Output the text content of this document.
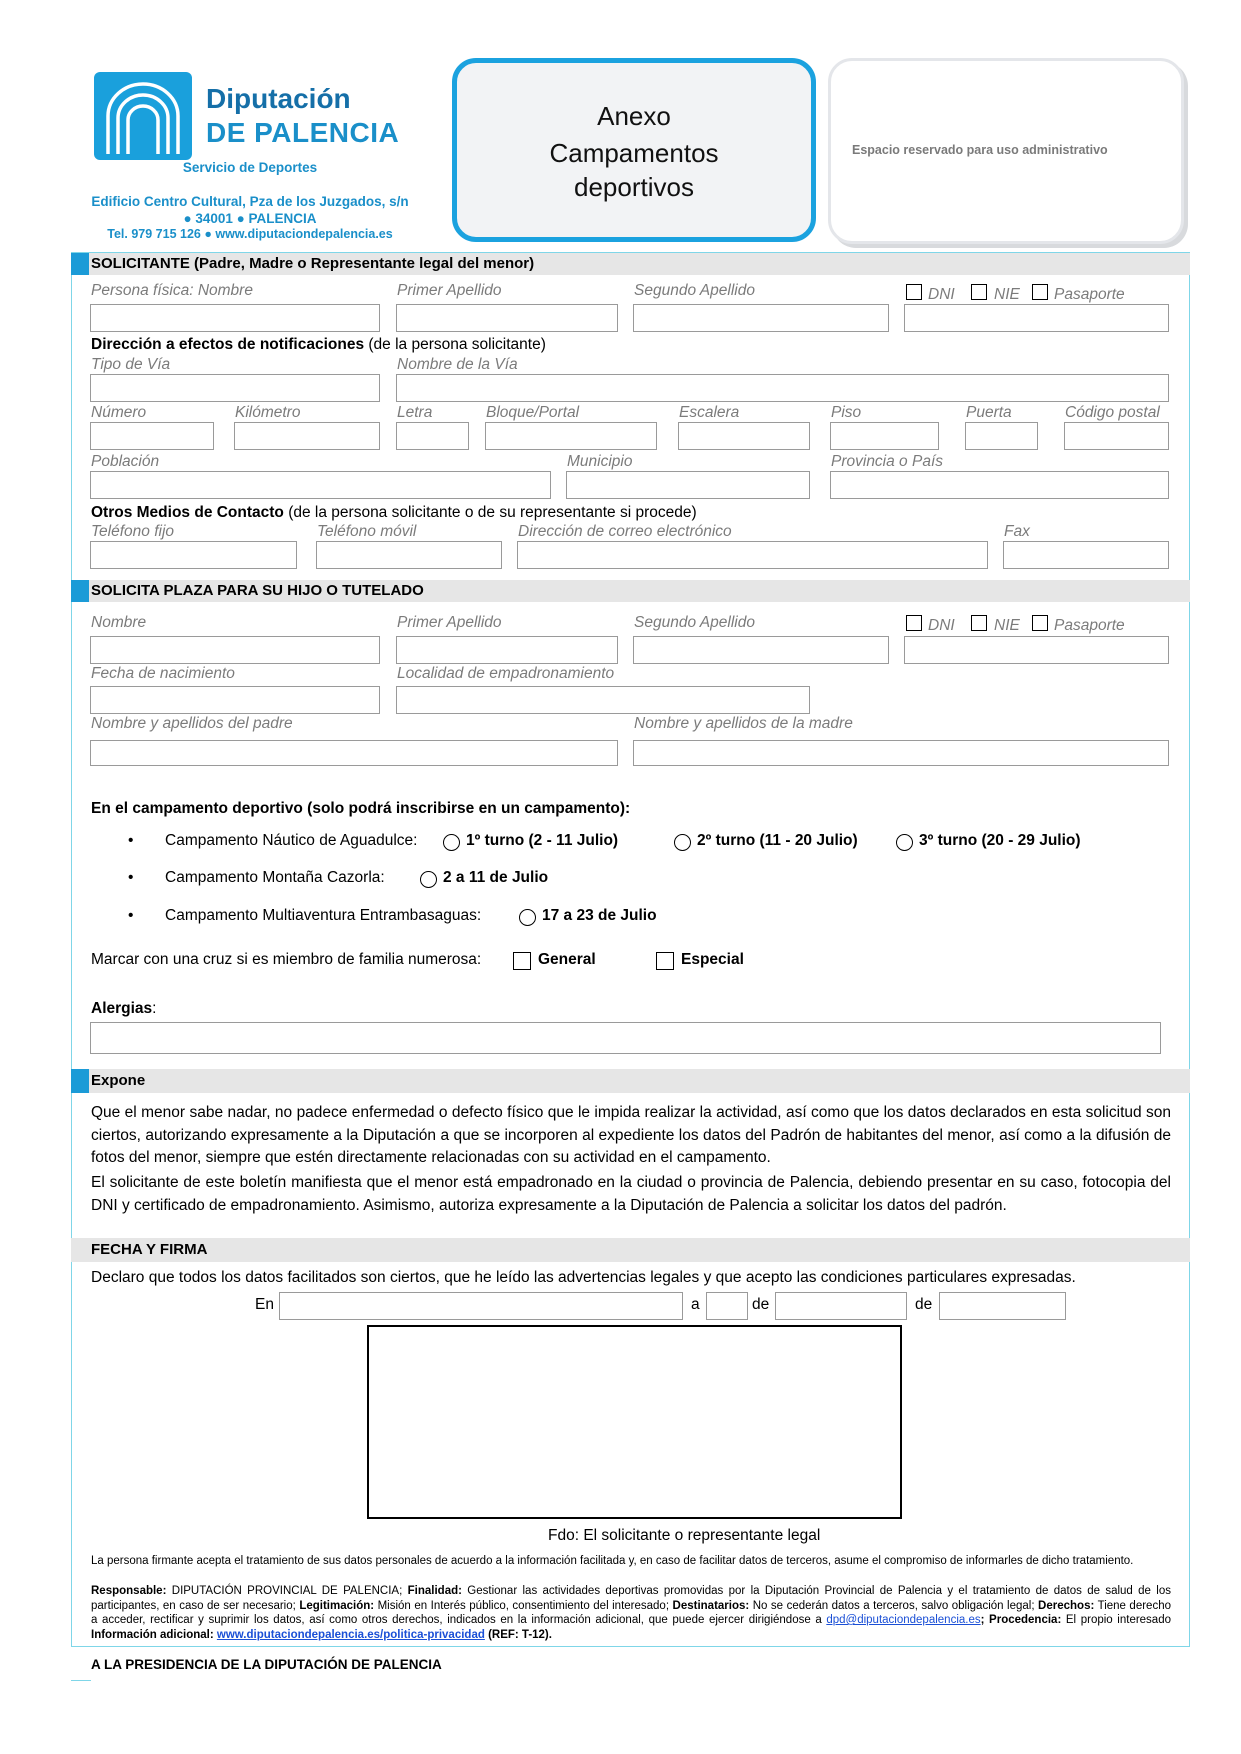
Diputación
DE PALENCIA
Servicio de Deportes
Edificio Centro Cultural, Pza de los Juzgados, s/n
● 34001 ● PALENCIA
Tel. 979 715 126 ● www.diputaciondepalencia.es
Anexo
Campamentos
deportivos
Espacio reservado para uso administrativo
SOLICITANTE (Padre, Madre o Representante legal del menor)
Persona física: Nombre	Primer Apellido	Segundo Apellido	DNI	NIE Pasaporte
Dirección a efectos de notificaciones (de la persona solicitante)
Tipo de Vía	Nombre de la Vía
Número	Kilómetro	Letra	Bloque/Portal	Escalera	Piso	Puerta	Código postal
Población	Municipio	Provincia o País
Otros Medios de Contacto (de la persona solicitante o de su representante si procede)
Teléfono fijo	Teléfono móvil	Dirección de correo electrónico	Fax
SOLICITA PLAZA PARA SU HIJO O TUTELADO
Nombre	Primer Apellido	Segundo Apellido	DNI	NIE Pasaporte
Fecha de nacimiento	Localidad de empadronamiento
Nombre y apellidos del padre	Nombre y apellidos de la madre
En el campamento deportivo (solo podrá inscribirse en un campamento):
• Campamento Náutico de Aguadulce:	1º turno (2 - 11 Julio)	2º turno (11 - 20 Julio)	3º turno (20 - 29 Julio)
• Campamento Montaña Cazorla:	2 a 11 de Julio
• Campamento Multiaventura Entrambasaguas:	17 a 23 de Julio
Marcar con una cruz si es miembro de familia numerosa:	General	Especial
Alergias:
Expone
Que el menor sabe nadar, no padece enfermedad o defecto físico que le impida realizar la actividad, así como que los datos declarados en esta solicitud son ciertos, autorizando expresamente a la Diputación a que se incorporen al expediente los datos del Padrón de habitantes del menor, así como a la difusión de fotos del menor, siempre que estén directamente relacionadas con su actividad en el campamento.
El solicitante de este boletín manifiesta que el menor está empadronado en la ciudad o provincia de Palencia, debiendo presentar en su caso, fotocopia del DNI y certificado de empadronamiento. Asimismo, autoriza expresamente a la Diputación de Palencia a solicitar los datos del padrón.
FECHA Y FIRMA
Declaro que todos los datos facilitados son ciertos, que he leído las advertencias legales y que acepto las condiciones particulares expresadas.
En	a	de	de
Fdo: El solicitante o representante legal
La persona firmante acepta el tratamiento de sus datos personales de acuerdo a la información facilitada y, en caso de facilitar datos de terceros, asume el compromiso de informarles de dicho tratamiento.
Responsable: DIPUTACIÓN PROVINCIAL DE PALENCIA; Finalidad: Gestionar las actividades deportivas promovidas por la Diputación Provincial de Palencia y el tratamiento de datos de salud de los participantes, en caso de ser necesario; Legitimación: Misión en Interés público, consentimiento del interesado; Destinatarios: No se cederán datos a terceros, salvo obligación legal; Derechos: Tiene derecho a acceder, rectificar y suprimir los datos, así como otros derechos, indicados en la información adicional, que puede ejercer dirigiéndose a dpd@diputaciondepalencia.es; Procedencia: El propio interesado Información adicional: www.diputaciondepalencia.es/politica-privacidad (REF: T-12).
A LA PRESIDENCIA DE LA DIPUTACIÓN DE PALENCIA
